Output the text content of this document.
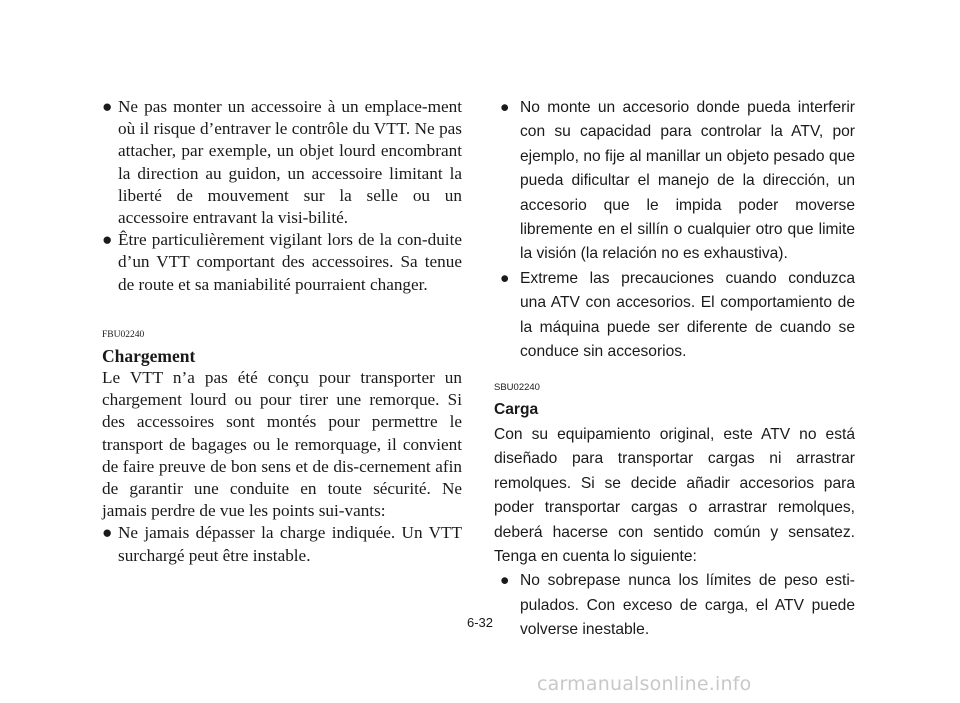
● Ne pas monter un accessoire à un emplace-ment où il risque d’entraver le contrôle du VTT. Ne pas attacher, par exemple, un objet lourd encombrant la direction au guidon, un accessoire limitant la liberté de mouvement sur la selle ou un accessoire entravant la visi-bilité.
● Être particulièrement vigilant lors de la con-duite d’un VTT comportant des accessoires. Sa tenue de route et sa maniabilité pourraient changer.

FBU02240

Chargement

Le VTT n’a pas été conçu pour transporter un chargement lourd ou pour tirer une remorque. Si des accessoires sont montés pour permettre le transport de bagages ou le remorquage, il convient de faire preuve de bon sens et de dis-cernement afin de garantir une conduite en toute sécurité. Ne jamais perdre de vue les points sui-vants:

● Ne jamais dépasser la charge indiquée. Un VTT surchargé peut être instable.
● No monte un accesorio donde pueda interferir con su capacidad para controlar la ATV, por ejemplo, no fije al manillar un objeto pesado que pueda dificultar el manejo de la dirección, un accesorio que le impida poder moverse libremente en el sillín o cualquier otro que limite la visión (la relación no es exhaustiva).
● Extreme las precauciones cuando conduzca una ATV con accesorios. El comportamiento de la máquina puede ser diferente de cuando se conduce sin accesorios.

SBU02240

Carga

Con su equipamiento original, este ATV no está diseñado para transportar cargas ni arrastrar remolques. Si se decide añadir accesorios para poder transportar cargas o arrastrar remolques, deberá hacerse con sentido común y sensatez. Tenga en cuenta lo siguiente:

● No sobrepase nunca los límites de peso esti-pulados. Con exceso de carga, el ATV puede volverse inestable.
6-32
carmanualsonline.info
